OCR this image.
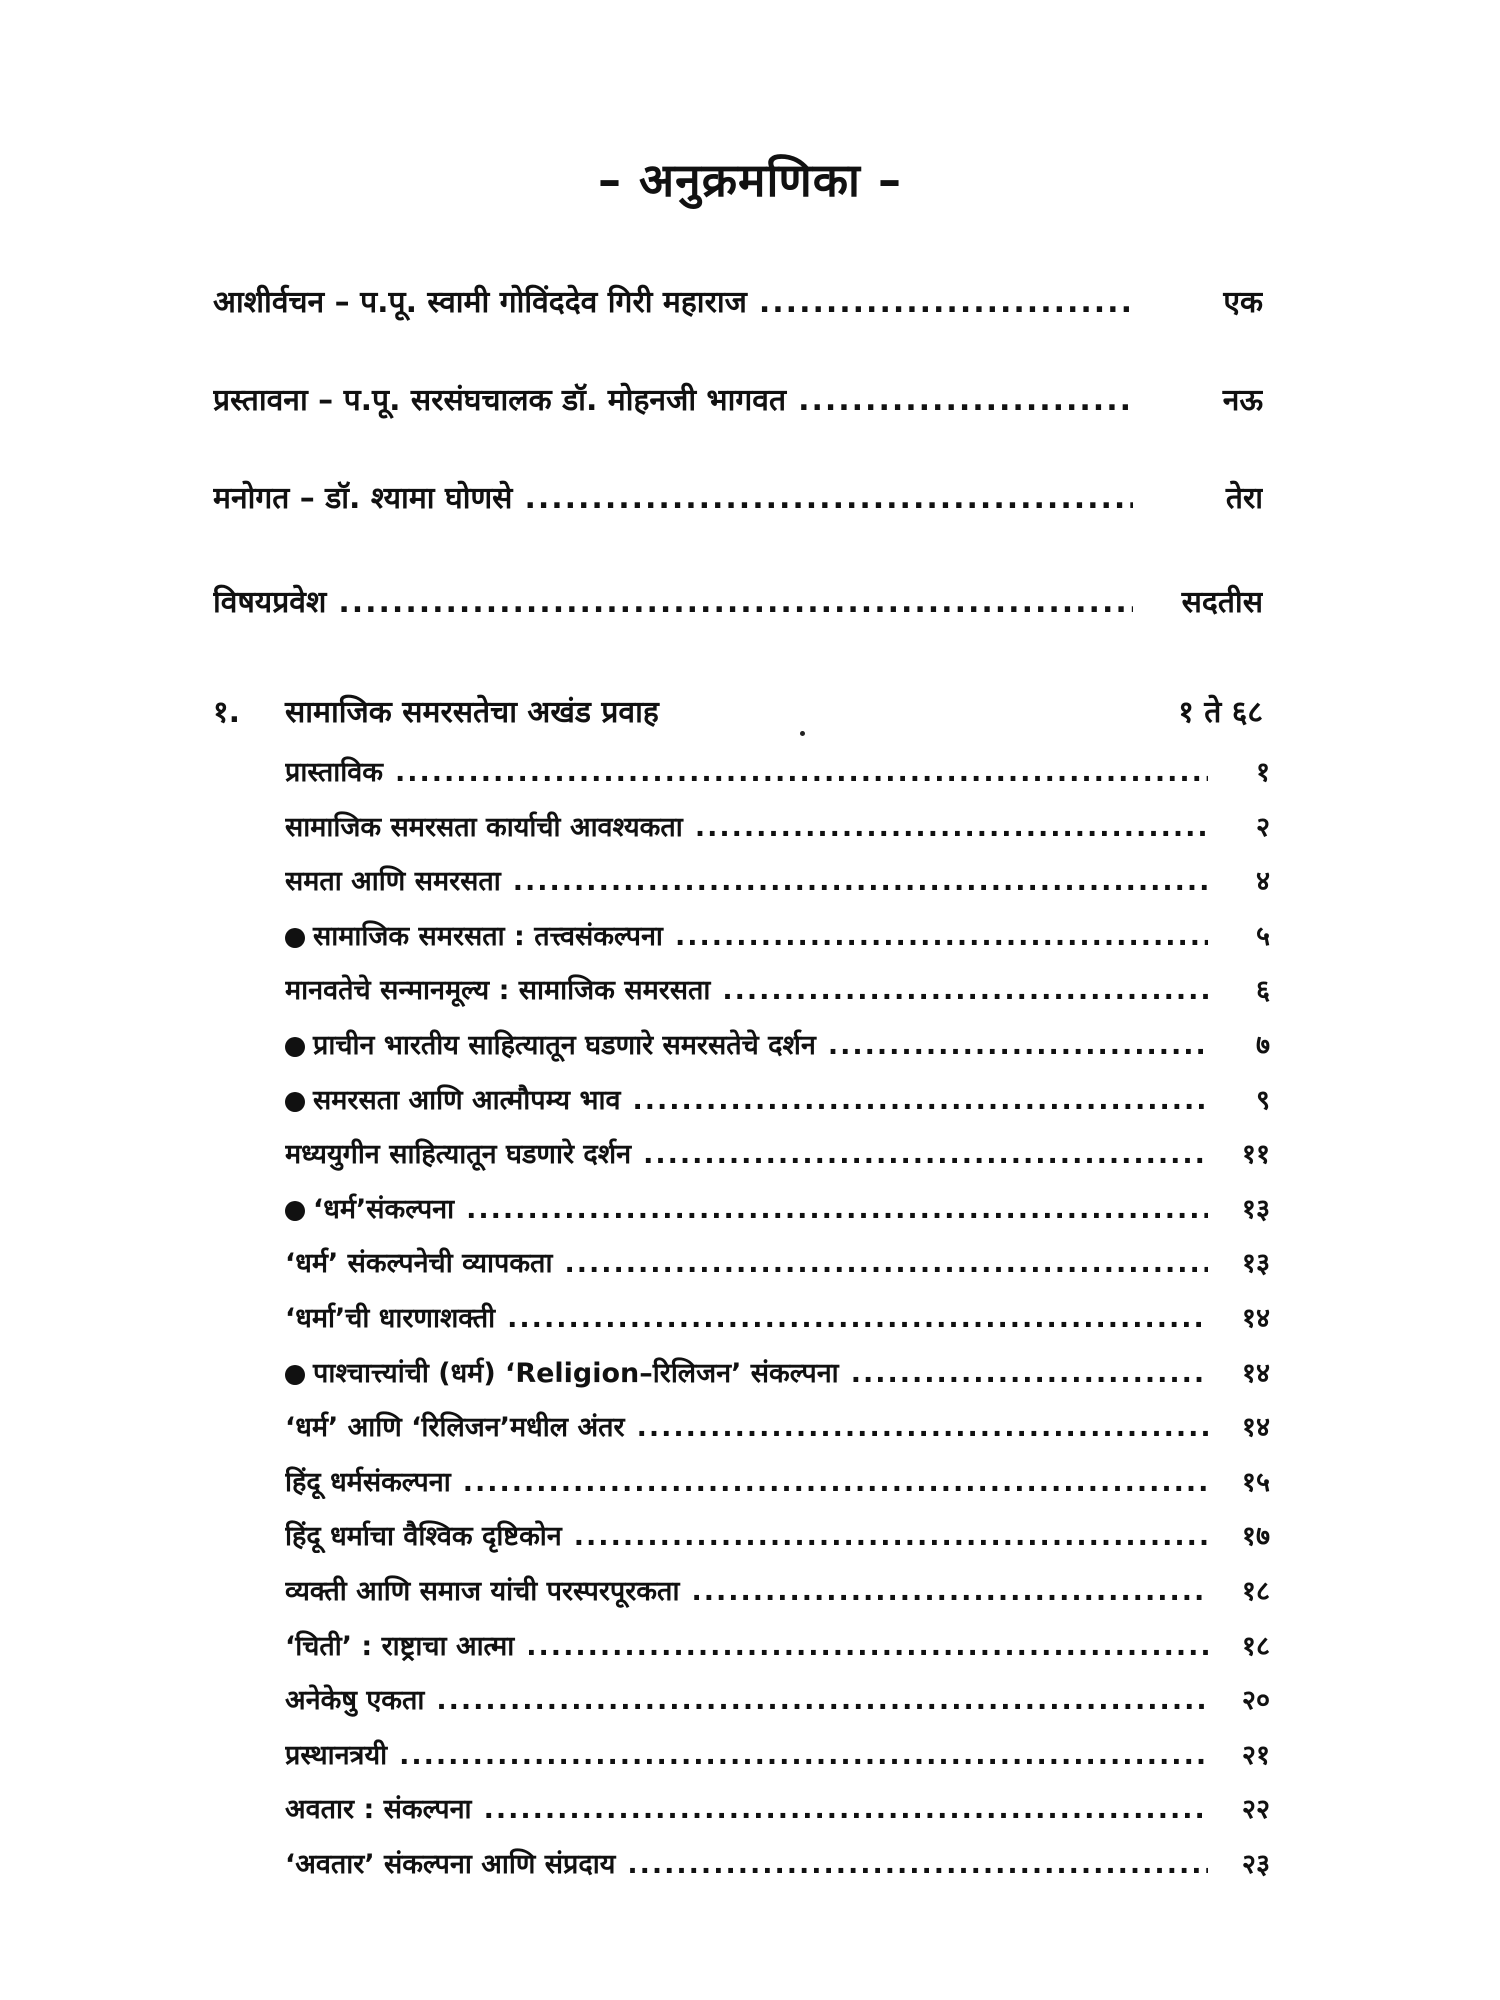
– अनुक्रमणिका –
आशीर्वचन – प.पू. स्वामी गोविंददेव गिरी महाराज .....	एक
प्रस्तावना – प.पू. सरसंघचालक डॉ. मोहनजी भागवत .....	नऊ
मनोगत – डॉ. श्यामा घोणसे .....	तेरा
विषयप्रवेश .....	सदतीस
१.	सामाजिक समरसतेचा अखंड प्रवाह	१ ते ६८
प्रास्ताविक .....	१
सामाजिक समरसता कार्याची आवश्यकता .....	२
समता आणि समरसता .....	४
सामाजिक समरसता : तत्त्वसंकल्पना .....	५
मानवतेचे सन्मानमूल्य : सामाजिक समरसता .....	६
प्राचीन भारतीय साहित्यातून घडणारे समरसतेचे दर्शन .....	७
समरसता आणि आत्मौपम्य भाव .....	९
मध्ययुगीन साहित्यातून घडणारे दर्शन .....	११
‘धर्म’संकल्पना .....	१३
‘धर्म’ संकल्पनेची व्यापकता .....	१३
‘धर्मा’ची धारणाशक्ती .....	१४
पाश्चात्त्यांची (धर्म) ‘Religion–रिलिजन’ संकल्पना .....	१४
‘धर्म’ आणि ‘रिलिजन’मधील अंतर .....	१४
हिंदू धर्मसंकल्पना .....	१५
हिंदू धर्माचा वैश्विक दृष्टिकोन .....	१७
व्यक्ती आणि समाज यांची परस्परपूरकता .....	१८
‘चिती’ : राष्ट्राचा आत्मा .....	१८
अनेकेषु एकता .....	२०
प्रस्थानत्रयी .....	२१
अवतार : संकल्पना .....	२२
‘अवतार’ संकल्पना आणि संप्रदाय .....	२३
